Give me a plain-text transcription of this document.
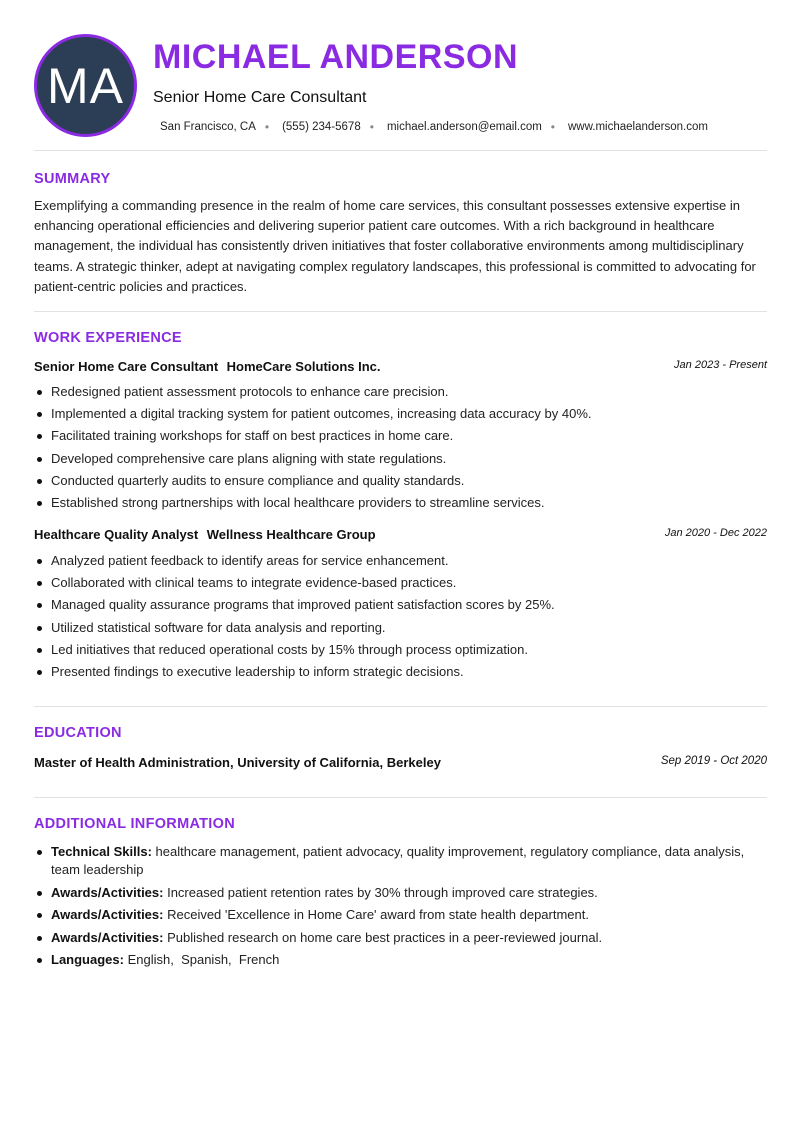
MA
MICHAEL ANDERSON
Senior Home Care Consultant
San Francisco, CA • (555) 234-5678 • michael.anderson@email.com • www.michaelanderson.com
SUMMARY

Exemplifying a commanding presence in the realm of home care services, this consultant possesses extensive expertise in enhancing operational efficiencies and delivering superior patient care outcomes. With a rich background in healthcare management, the individual has consistently driven initiatives that foster collaborative environments among multidisciplinary teams. A strategic thinker, adept at navigating complex regulatory landscapes, this professional is committed to advocating for patient-centric policies and practices.

WORK EXPERIENCE
Senior Home Care Consultant HomeCare Solutions Inc.	Jan 2023 - Present
Redesigned patient assessment protocols to enhance care precision.
Implemented a digital tracking system for patient outcomes, increasing data accuracy by 40%.
Facilitated training workshops for staff on best practices in home care.
Developed comprehensive care plans aligning with state regulations.
Conducted quarterly audits to ensure compliance and quality standards.
Established strong partnerships with local healthcare providers to streamline services.
Healthcare Quality Analyst Wellness Healthcare Group	Jan 2020 - Dec 2022
Analyzed patient feedback to identify areas for service enhancement.
Collaborated with clinical teams to integrate evidence-based practices.
Managed quality assurance programs that improved patient satisfaction scores by 25%.
Utilized statistical software for data analysis and reporting.
Led initiatives that reduced operational costs by 15% through process optimization.
Presented findings to executive leadership to inform strategic decisions.
EDUCATION
Master of Health Administration, University of California, Berkeley	Sep 2019 - Oct 2020
ADDITIONAL INFORMATION
Technical Skills: healthcare management, patient advocacy, quality improvement, regulatory compliance, data analysis, team leadership
Awards/Activities: Increased patient retention rates by 30% through improved care strategies.
Awards/Activities: Received 'Excellence in Home Care' award from state health department.
Awards/Activities: Published research on home care best practices in a peer-reviewed journal.
Languages: English,  Spanish,  French
